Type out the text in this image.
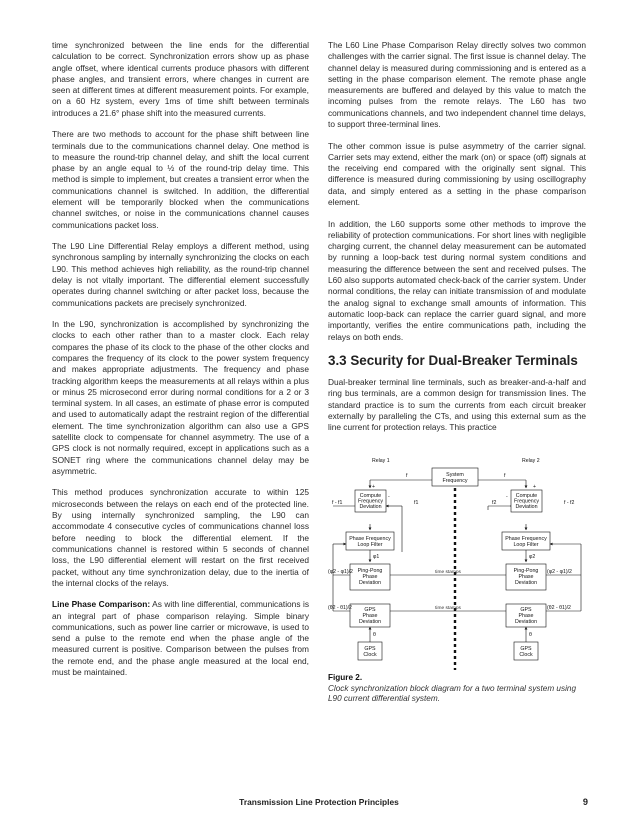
time synchronized between the line ends for the differential calculation to be correct. Synchronization errors show up as phase angle offset, where identical currents produce phasors with different phase angles, and transient errors, where changes in current are seen at different times at different measurement points. For example, on a 60 Hz system, every 1ms of time shift between terminals introduces a 21.6° phase shift into the measured currents.

There are two methods to account for the phase shift between line terminals due to the communications channel delay. One method is to measure the round-trip channel delay, and shift the local current phase by an angle equal to ½ of the round-trip delay time. This method is simple to implement, but creates a transient error when the communications channel is switched. In addition, the differential element will be temporarily blocked when the communications channel switches, or noise in the communications channel causes communications packet loss.

The L90 Line Differential Relay employs a different method, using synchronous sampling by internally synchronizing the clocks on each L90. This method achieves high reliability, as the round-trip channel delay is not vitally important. The differential element successfully operates during channel switching or after packet loss, because the communications packets are precisely synchronized.

In the L90, synchronization is accomplished by synchronizing the clocks to each other rather than to a master clock. Each relay compares the phase of its clock to the phase of the other clocks and compares the frequency of its clock to the power system frequency and makes appropriate adjustments. The frequency and phase tracking algorithm keeps the measurements at all relays within a plus or minus 25 microsecond error during normal conditions for a 2 or 3 terminal system. In all cases, an estimate of phase error is computed and used to automatically adapt the restraint region of the differential element. The time synchronization algorithm can also use a GPS satellite clock to compensate for channel asymmetry. The use of a GPS clock is not normally required, except in applications such as a SONET ring where the communications channel delay may be asymmetric.

This method produces synchronization accurate to within 125 microseconds between the relays on each end of the protected line. By using internally synchronized sampling, the L90 can accommodate 4 consecutive cycles of communications channel loss before needing to block the differential element. If the communications channel is restored within 5 seconds of channel loss, the L90 differential element will restart on the first received packet, without any time synchronization delay, due to the inertia of the internal clocks of the relays.

Line Phase Comparison: As with line differential, communications is an integral part of phase comparison relaying. Simple binary communications, such as power line carrier or microwave, is used to send a pulse to the remote end when the phase angle of the measured current is positive. Comparison between the pulses from the remote end, and the phase angle measured at the local end, must be maintained.

The L60 Line Phase Comparison Relay directly solves two common challenges with the carrier signal. The first issue is channel delay. The channel delay is measured during commissioning and is entered as a setting in the phase comparison element. The remote phase angle measurements are buffered and delayed by this value to match the incoming pulses from the remote relays. The L60 has two communications channels, and two independent channel time delays, to support three-terminal lines.

The other common issue is pulse asymmetry of the carrier signal. Carrier sets may extend, either the mark (on) or space (off) signals at the receiving end compared with the originally sent signal. This difference is measured during commissioning by using oscillography data, and simply entered as a setting in the phase comparison element.

In addition, the L60 supports some other methods to improve the reliability of protection communications. For short lines with negligible charging current, the channel delay measurement can be automated by running a loop-back test during normal system conditions and measuring the difference between the sent and received pulses. The L60 also supports automated check-back of the carrier system. Under normal conditions, the relay can initiate transmission of and modulate the analog signal to exchange small amounts of information. This automatic loop-back can replace the carrier guard signal, and more importantly, verifies the entire communications path, including the relays on both ends.

3.3 Security for Dual-Breaker Terminals

Dual-breaker terminal line terminals, such as breaker-and-a-half and ring bus terminals, are a common design for transmission lines. The standard practice is to sum the currents from each circuit breaker externally by paralleling the CTs, and using this external sum as the line current for protection relays. This practice

Relay 1	Relay 2
f	f
+	+
-	-
System
Frequency
Compute
Frequency
Deviation
Compute
Frequency
Deviation
f - f1	f - f2
f1	f2
Phase Frequency
Loop Filter
Phase Frequency
Loop Filter
φ1	φ2
Ping-Pong
Phase
Deviation
Ping-Pong
Phase
Deviation
(φ2 - φ1)/2	(φ2 - φ1)/2
time stamps
time stamps
GPS
Phase
Deviation
GPS
Phase
Deviation
(θ2 - θ1)/2	(θ2 - θ1)/2
θ	θ
GPS
Clock
GPS
Clock
Figure 2.
Clock synchronization block diagram for a two terminal system using L90 current differential system.
Transmission Line Protection Principles	9
